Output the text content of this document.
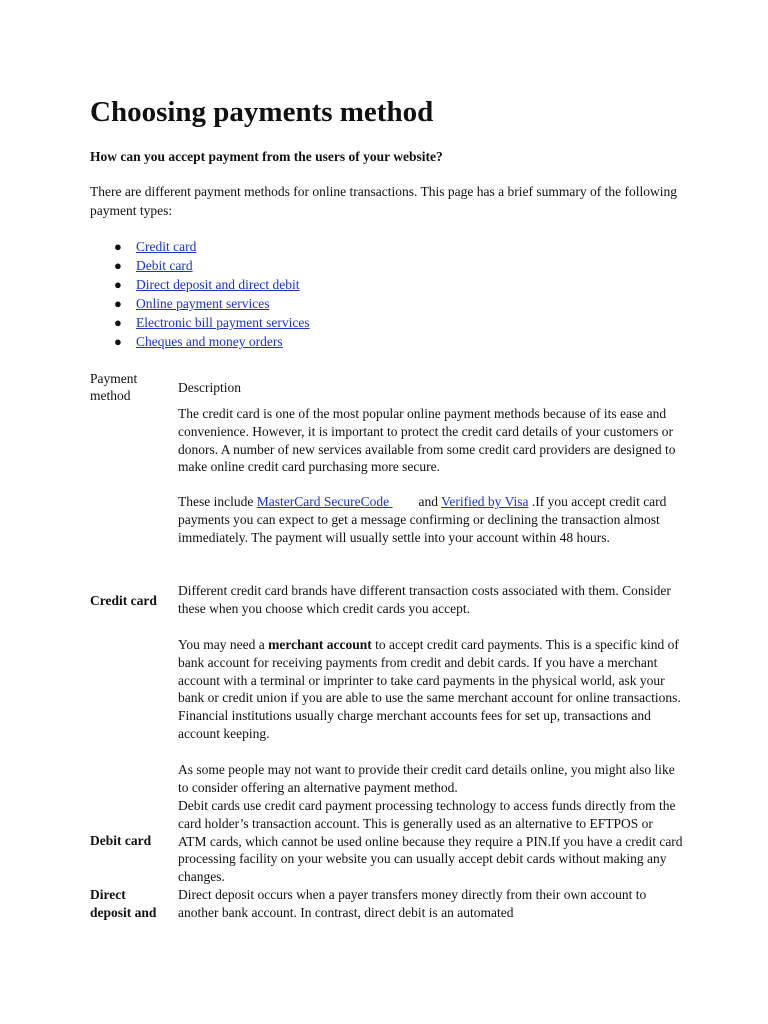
Choosing payments method

How can you accept payment from the users of your website?

There are different payment methods for online transactions. This page has a brief summary of the following payment types:

● Credit card
● Debit card
● Direct deposit and direct debit
● Online payment services
● Electronic bill payment services
● Cheques and money orders
Payment method
Description
The credit card is one of the most popular online payment methods because of its ease and convenience. However, it is important to protect the credit card details of your customers or donors. A number of new services available from some credit card providers are designed to make online credit card purchasing more secure.
These include MasterCard SecureCode and Verified by Visa .If you accept credit card payments you can expect to get a message confirming or declining the transaction almost immediately. The payment will usually settle into your account within 48 hours.
Credit card
Different credit card brands have different transaction costs associated with them. Consider these when you choose which credit cards you accept.
You may need a merchant account to accept credit card payments. This is a specific kind of bank account for receiving payments from credit and debit cards. If you have a merchant account with a terminal or imprinter to take card payments in the physical world, ask your bank or credit union if you are able to use the same merchant account for online transactions. Financial institutions usually charge merchant accounts fees for set up, transactions and account keeping.
As some people may not want to provide their credit card details online, you might also like to consider offering an alternative payment method.
Debit cards use credit card payment processing technology to access funds directly from the card holder’s transaction account. This is generally used as an alternative to EFTPOS or ATM cards, which cannot be used online because they require a PIN.If you have a credit card processing facility on your website you can usually accept debit cards without making any changes.
Debit card
Direct deposit and
Direct deposit occurs when a payer transfers money directly from their own account to another bank account. In contrast, direct debit is an automated
